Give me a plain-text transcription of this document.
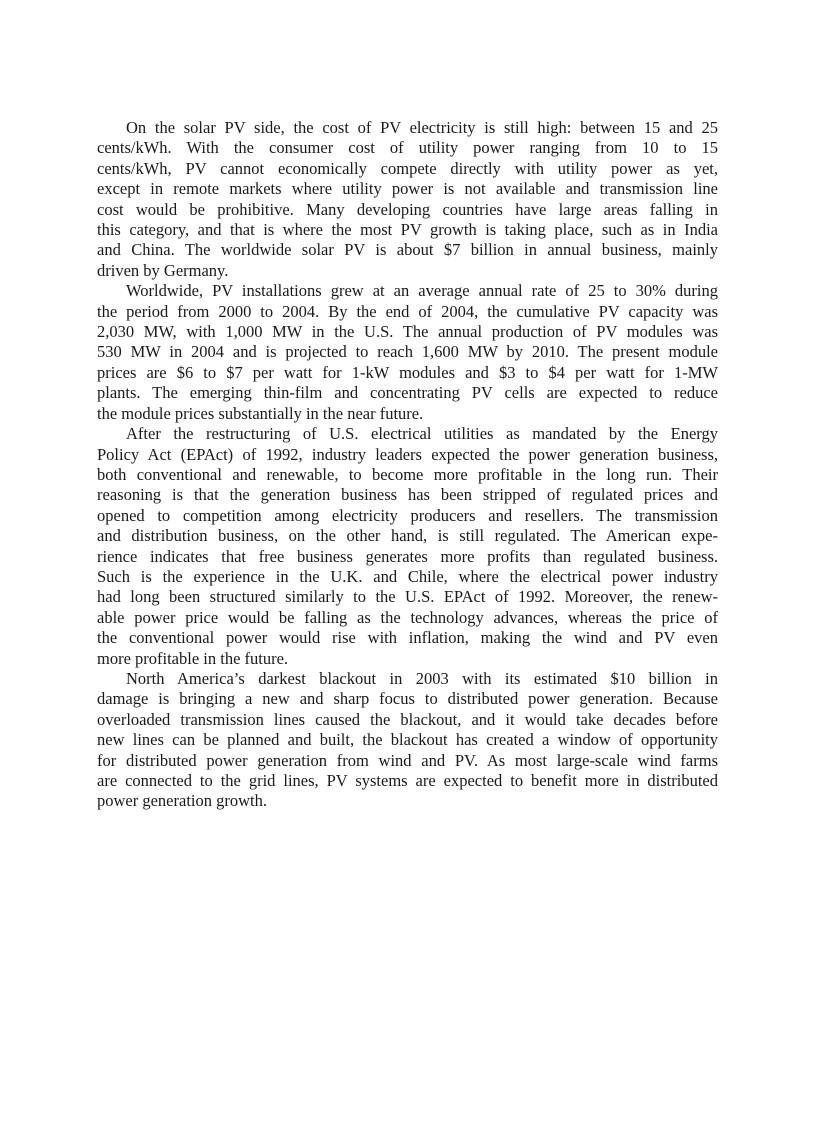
On the solar PV side, the cost of PV electricity is still high: between 15 and 25
cents/kWh. With the consumer cost of utility power ranging from 10 to 15
cents/kWh, PV cannot economically compete directly with utility power as yet,
except in remote markets where utility power is not available and transmission line
cost would be prohibitive. Many developing countries have large areas falling in
this category, and that is where the most PV growth is taking place, such as in India
and China. The worldwide solar PV is about $7 billion in annual business, mainly
driven by Germany.

Worldwide, PV installations grew at an average annual rate of 25 to 30% during
the period from 2000 to 2004. By the end of 2004, the cumulative PV capacity was
2,030 MW, with 1,000 MW in the U.S. The annual production of PV modules was
530 MW in 2004 and is projected to reach 1,600 MW by 2010. The present module
prices are $6 to $7 per watt for 1-kW modules and $3 to $4 per watt for 1-MW
plants. The emerging thin-film and concentrating PV cells are expected to reduce
the module prices substantially in the near future.

After the restructuring of U.S. electrical utilities as mandated by the Energy
Policy Act (EPAct) of 1992, industry leaders expected the power generation business,
both conventional and renewable, to become more profitable in the long run. Their
reasoning is that the generation business has been stripped of regulated prices and
opened to competition among electricity producers and resellers. The transmission
and distribution business, on the other hand, is still regulated. The American expe-
rience indicates that free business generates more profits than regulated business.
Such is the experience in the U.K. and Chile, where the electrical power industry
had long been structured similarly to the U.S. EPAct of 1992. Moreover, the renew-
able power price would be falling as the technology advances, whereas the price of
the conventional power would rise with inflation, making the wind and PV even
more profitable in the future.

North America’s darkest blackout in 2003 with its estimated $10 billion in
damage is bringing a new and sharp focus to distributed power generation. Because
overloaded transmission lines caused the blackout, and it would take decades before
new lines can be planned and built, the blackout has created a window of opportunity
for distributed power generation from wind and PV. As most large-scale wind farms
are connected to the grid lines, PV systems are expected to benefit more in distributed
power generation growth.
